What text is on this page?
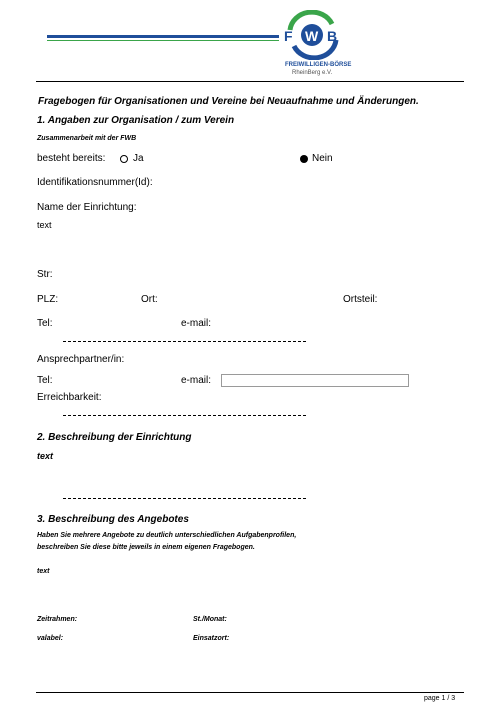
F W B
FREIWILLIGEN-BÖRSE
RheinBerg e.V.
Fragebogen für Organisationen und Vereine bei Neuaufnahme und Änderungen.
1. Angaben zur Organisation / zum Verein
Zusammenarbeit mit der FWB
besteht bereits:	Ja	Nein
Identifikationsnummer(Id):
Name der Einrichtung:
text
Str:
PLZ:	Ort:	Ortsteil:
Tel:	e-mail:
Ansprechpartner/in:
Tel:	e-mail:
Erreichbarkeit:
2. Beschreibung der Einrichtung
text
3. Beschreibung des Angebotes
Haben Sie mehrere Angebote zu deutlich unterschiedlichen Aufgabenprofilen,
beschreiben Sie diese bitte jeweils in einem eigenen Fragebogen.
text
Zeitrahmen:	St./Monat:
valabel:	Einsatzort:
page 1 / 3
